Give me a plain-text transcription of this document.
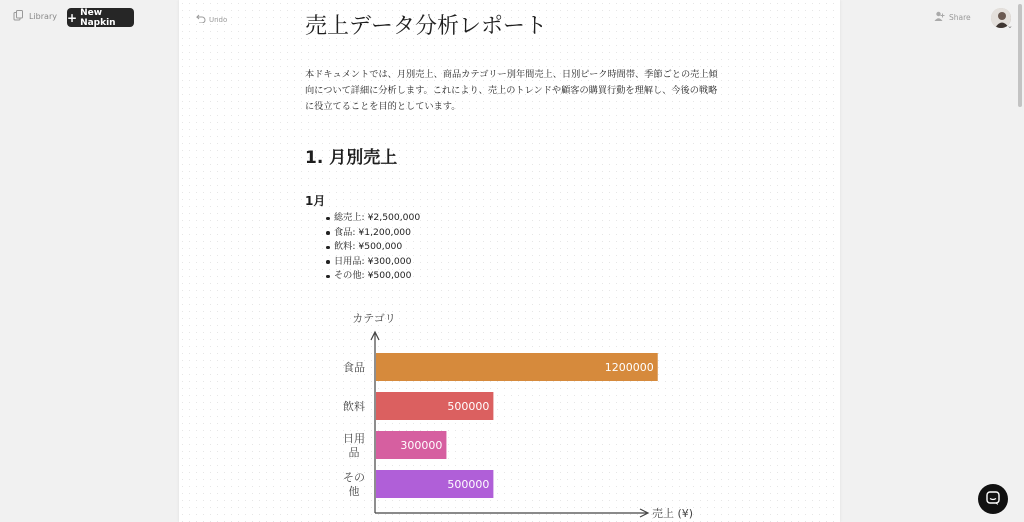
Library + New Napkin	Undo	売上データ分析レポート

本ドキュメントでは、月別売上、商品カテゴリー別年間売上、日別ピーク時間帯、季節ごとの売上傾向について詳細に分析します。これにより、売上のトレンドや顧客の購買行動を理解し、今後の戦略に役立てることを目的としています。

1. 月別売上
1月
総売上: ¥2,500,000
食品: ¥1,200,000
飲料: ¥500,000
日用品: ¥300,000
その他: ¥500,000
カテゴリ
売上 (¥)
1200000
食品
500000
飲料
300000
日用品
500000
その他
Share
⌄
